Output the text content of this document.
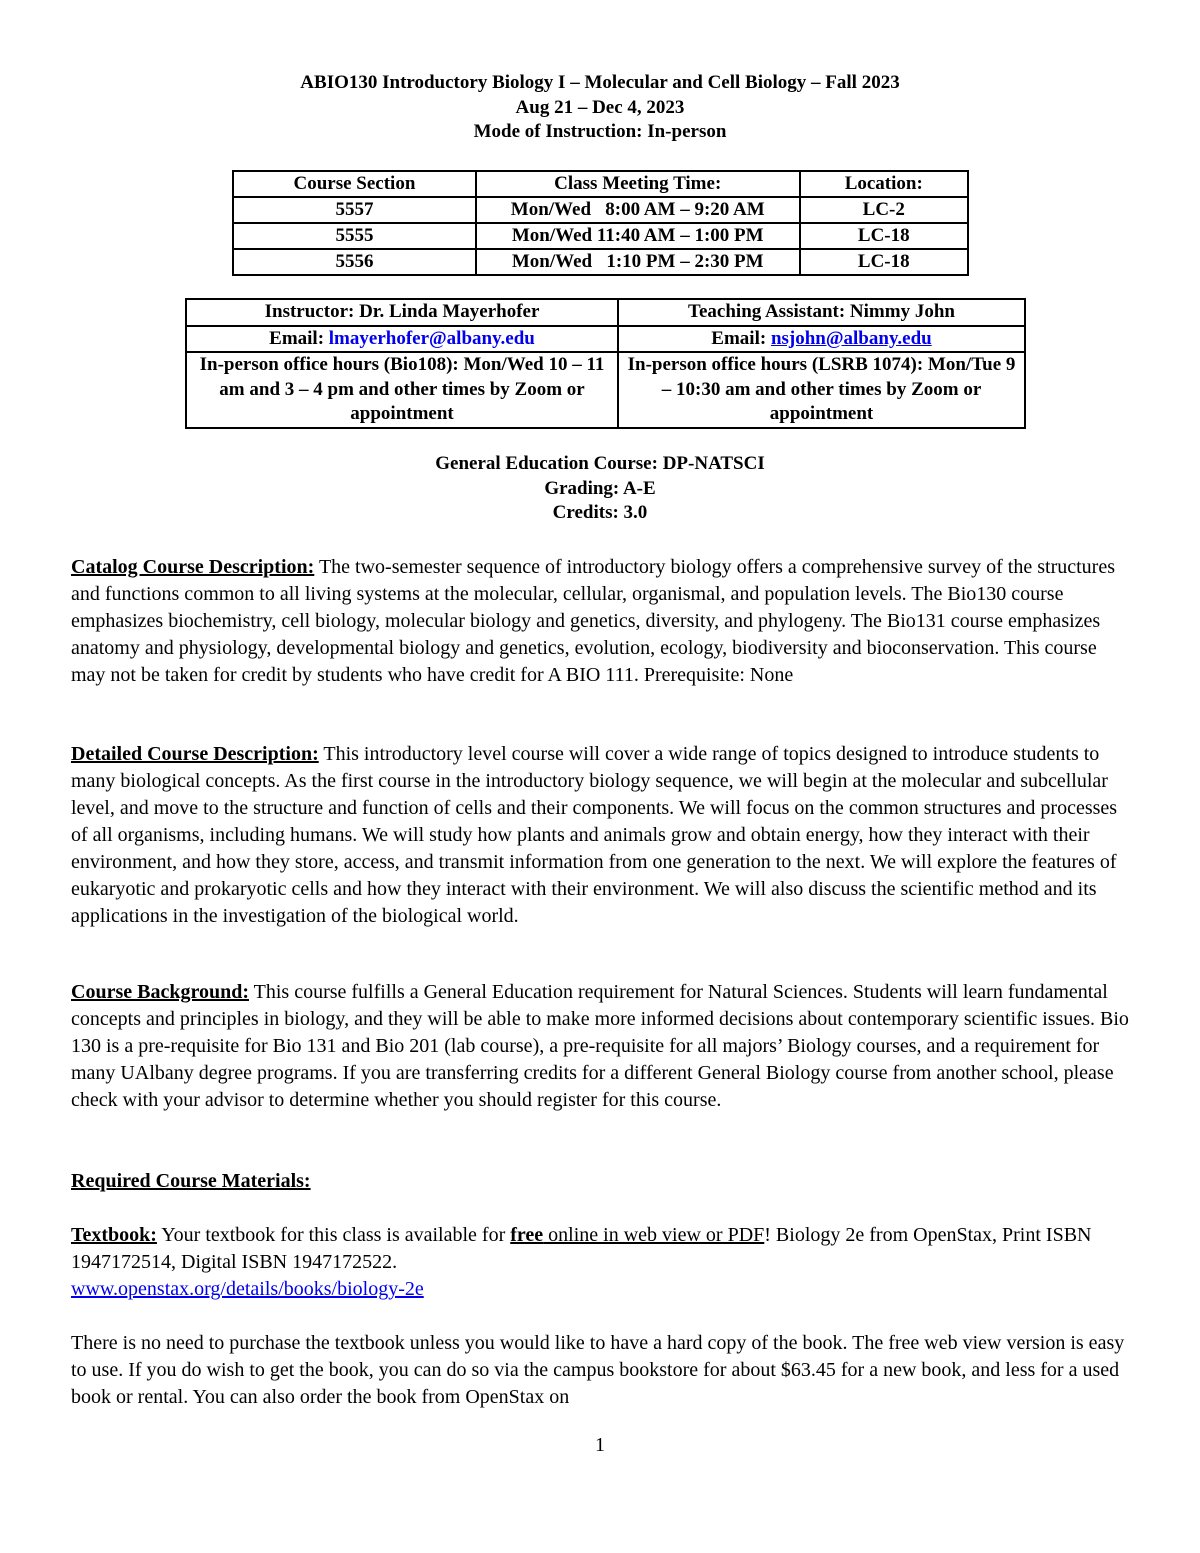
ABIO130 Introductory Biology I – Molecular and Cell Biology – Fall 2023
Aug 21 – Dec 4, 2023
Mode of Instruction: In-person
Course Section	Class Meeting Time:	Location:
5557	Mon/Wed   8:00 AM – 9:20 AM	LC-2
5555	Mon/Wed 11:40 AM – 1:00 PM	LC-18
5556	Mon/Wed   1:10 PM – 2:30 PM	LC-18
Instructor: Dr. Linda Mayerhofer	Teaching Assistant: Nimmy John
Email: lmayerhofer@albany.edu	Email: nsjohn@albany.edu
In-person office hours (Bio108): Mon/Wed 10 – 11 am and 3 – 4 pm and other times by Zoom or appointment	In-person office hours (LSRB 1074): Mon/Tue 9 – 10:30 am and other times by Zoom or appointment
General Education Course: DP-NATSCI
Grading: A-E
Credits: 3.0

Catalog Course Description: The two-semester sequence of introductory biology offers a comprehensive survey of the structures and functions common to all living systems at the molecular, cellular, organismal, and population levels. The Bio130 course emphasizes biochemistry, cell biology, molecular biology and genetics, diversity, and phylogeny. The Bio131 course emphasizes anatomy and physiology, developmental biology and genetics, evolution, ecology, biodiversity and bioconservation. This course may not be taken for credit by students who have credit for A BIO 111. Prerequisite: None

Detailed Course Description: This introductory level course will cover a wide range of topics designed to introduce students to many biological concepts. As the first course in the introductory biology sequence, we will begin at the molecular and subcellular level, and move to the structure and function of cells and their components. We will focus on the common structures and processes of all organisms, including humans. We will study how plants and animals grow and obtain energy, how they interact with their environment, and how they store, access, and transmit information from one generation to the next. We will explore the features of eukaryotic and prokaryotic cells and how they interact with their environment. We will also discuss the scientific method and its applications in the investigation of the biological world.

Course Background: This course fulfills a General Education requirement for Natural Sciences. Students will learn fundamental concepts and principles in biology, and they will be able to make more informed decisions about contemporary scientific issues. Bio 130 is a pre-requisite for Bio 131 and Bio 201 (lab course), a pre-requisite for all majors’ Biology courses, and a requirement for many UAlbany degree programs. If you are transferring credits for a different General Biology course from another school, please check with your advisor to determine whether you should register for this course.

Required Course Materials:

Textbook: Your textbook for this class is available for free online in web view or PDF! Biology 2e from OpenStax, Print ISBN 1947172514, Digital ISBN 1947172522.
www.openstax.org/details/books/biology-2e

There is no need to purchase the textbook unless you would like to have a hard copy of the book. The free web view version is easy to use. If you do wish to get the book, you can do so via the campus bookstore for about $63.45 for a new book, and less for a used book or rental. You can also order the book from OpenStax on

1
